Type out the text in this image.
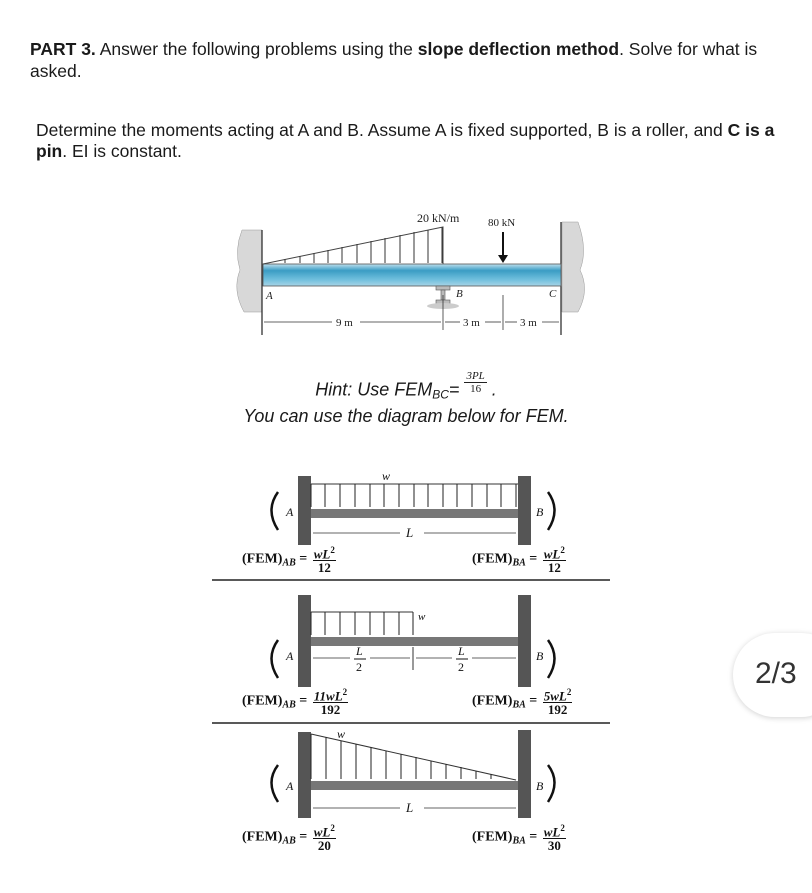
PART 3. Answer the following problems using the slope deflection method. Solve for what is asked.
Determine the moments acting at A and B. Assume A is fixed supported, B is a roller, and C is a pin. EI is constant.
20 kN/m	80 kN
A	B	C
9 m	3 m	3 m
Hint: Use $FEM_{BC}= \frac{3PL}{16}$ .
You can use the diagram below for FEM.
w
A	B
L
w
A	B
L
2
L
2
w
A	B
L
$(FEM)_{AB} = \frac{wL^2}{12}$	$(FEM)_{BA} = \frac{wL^2}{12}$
$(FEM)_{AB} = \frac{11wL^2}{192}$	$(FEM)_{BA} = \frac{5wL^2}{192}$
$(FEM)_{AB} = \frac{wL^2}{20}$	$(FEM)_{BA} = \frac{wL^2}{30}$
2/3
